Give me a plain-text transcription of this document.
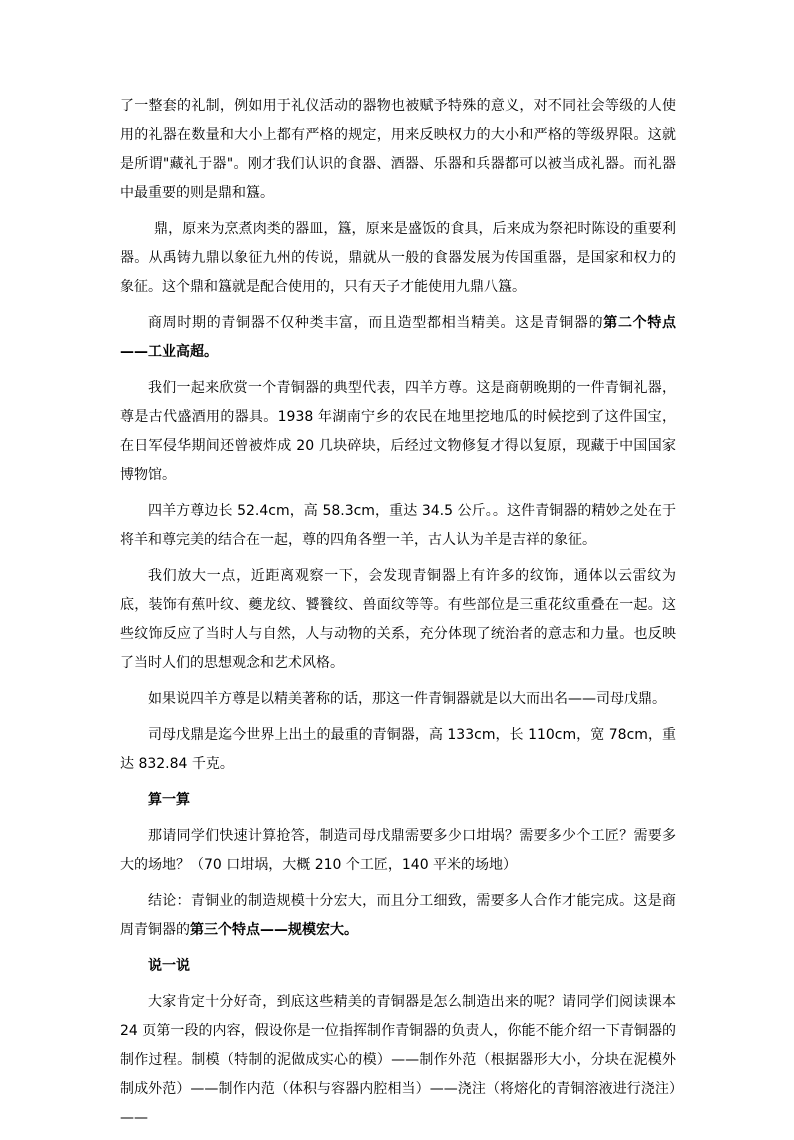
了一整套的礼制，例如用于礼仪活动的器物也被赋予特殊的意义，对不同社会等级的人使用的礼器在数量和大小上都有严格的规定，用来反映权力的大小和严格的等级界限。这就是所谓"藏礼于器"。刚才我们认识的食器、酒器、乐器和兵器都可以被当成礼器。而礼器中最重要的则是鼎和簋。

鼎，原来为烹煮肉类的器皿，簋，原来是盛饭的食具，后来成为祭祀时陈设的重要利器。从禹铸九鼎以象征九州的传说，鼎就从一般的食器发展为传国重器，是国家和权力的象征。这个鼎和簋就是配合使用的，只有天子才能使用九鼎八簋。

商周时期的青铜器不仅种类丰富，而且造型都相当精美。这是青铜器的第二个特点——工业高超。

我们一起来欣赏一个青铜器的典型代表，四羊方尊。这是商朝晚期的一件青铜礼器，尊是古代盛酒用的器具。1938 年湖南宁乡的农民在地里挖地瓜的时候挖到了这件国宝，在日军侵华期间还曾被炸成 20 几块碎块，后经过文物修复才得以复原，现藏于中国国家博物馆。

四羊方尊边长 52.4cm，高 58.3cm，重达 34.5 公斤。。这件青铜器的精妙之处在于将羊和尊完美的结合在一起，尊的四角各塑一羊，古人认为羊是吉祥的象征。

我们放大一点，近距离观察一下，会发现青铜器上有许多的纹饰，通体以云雷纹为底，装饰有蕉叶纹、夔龙纹、饕餮纹、兽面纹等等。有些部位是三重花纹重叠在一起。这些纹饰反应了当时人与自然，人与动物的关系，充分体现了统治者的意志和力量。也反映了当时人们的思想观念和艺术风格。

如果说四羊方尊是以精美著称的话，那这一件青铜器就是以大而出名——司母戊鼎。

司母戊鼎是迄今世界上出土的最重的青铜器，高 133cm，长 110cm，宽 78cm，重达 832.84 千克。

算一算

那请同学们快速计算抢答，制造司母戊鼎需要多少口坩埚？需要多少个工匠？需要多大的场地？（70 口坩埚，大概 210 个工匠，140 平米的场地）

结论：青铜业的制造规模十分宏大，而且分工细致，需要多人合作才能完成。这是商周青铜器的第三个特点——规模宏大。

说一说

大家肯定十分好奇，到底这些精美的青铜器是怎么制造出来的呢？请同学们阅读课本 24 页第一段的内容，假设你是一位指挥制作青铜器的负责人，你能不能介绍一下青铜器的制作过程。制模（特制的泥做成实心的模）——制作外范（根据器形大小，分块在泥模外制成外范）——制作内范（体积与容器内腔相当）——浇注（将熔化的青铜溶液进行浇注）——
